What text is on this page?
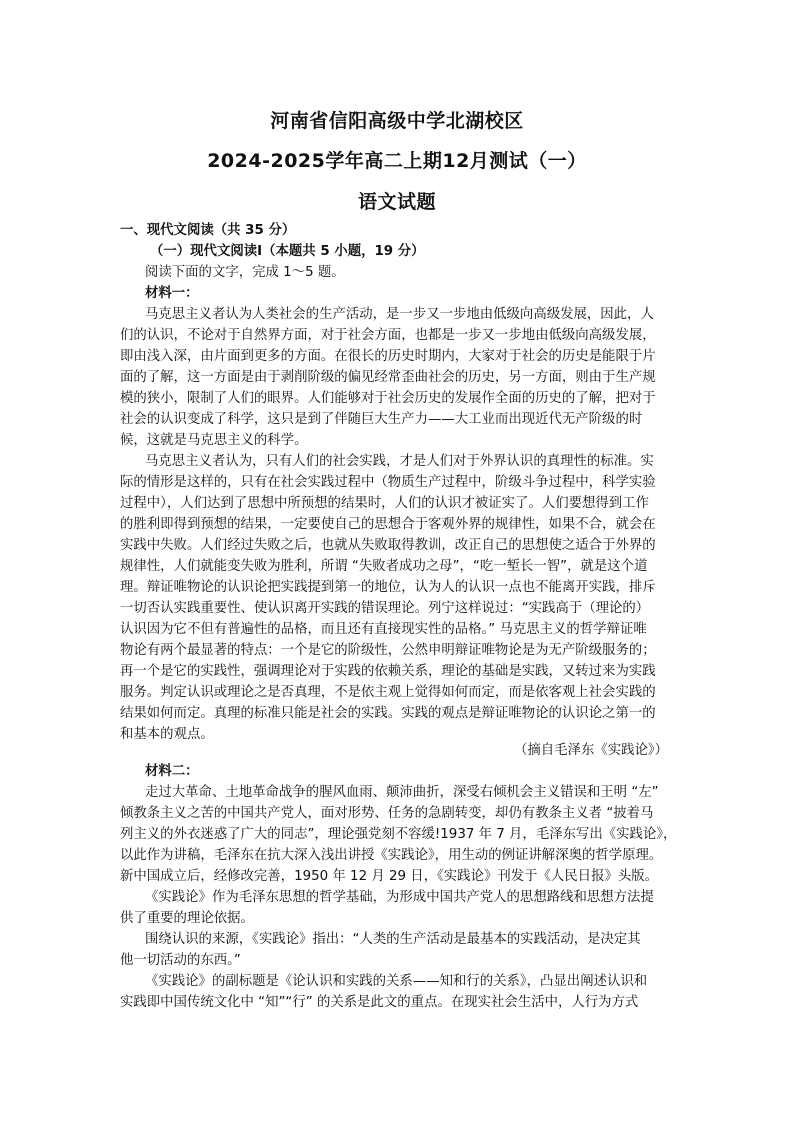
河南省信阳高级中学北湖校区
2024-2025学年高二上期12月测试（一）
语文试题
一、现代文阅读（共 35 分）
（一）现代文阅读Ⅰ（本题共 5 小题，19 分）
阅读下面的文字，完成 1～5 题。
材料一：
马克思主义者认为人类社会的生产活动，是一步又一步地由低级向高级发展，因此，人
们的认识，不论对于自然界方面，对于社会方面，也都是一步又一步地由低级向高级发展，
即由浅入深，由片面到更多的方面。在很长的历史时期内，大家对于社会的历史是能限于片
面的了解，这一方面是由于剥削阶级的偏见经常歪曲社会的历史，另一方面，则由于生产规
模的狭小，限制了人们的眼界。人们能够对于社会历史的发展作全面的历史的了解，把对于
社会的认识变成了科学，这只是到了伴随巨大生产力——大工业而出现近代无产阶级的时
候，这就是马克思主义的科学。
马克思主义者认为，只有人们的社会实践，才是人们对于外界认识的真理性的标准。实
际的情形是这样的，只有在社会实践过程中（物质生产过程中，阶级斗争过程中，科学实验
过程中），人们达到了思想中所预想的结果时，人们的认识才被证实了。人们要想得到工作
的胜利即得到预想的结果，一定要使自己的思想合于客观外界的规律性，如果不合，就会在
实践中失败。人们经过失败之后，也就从失败取得教训，改正自己的思想使之适合于外界的
规律性，人们就能变失败为胜利，所谓 “失败者成功之母”，“吃一堑长一智”，就是这个道
理。辩证唯物论的认识论把实践提到第一的地位，认为人的认识一点也不能离开实践，排斥
一切否认实践重要性、使认识离开实践的错误理论。列宁这样说过：“实践高于（理论的）
认识因为它不但有普遍性的品格，而且还有直接现实性的品格。” 马克思主义的哲学辩证唯
物论有两个最显著的特点：一个是它的阶级性，公然申明辩证唯物论是为无产阶级服务的；
再一个是它的实践性，强调理论对于实践的依赖关系，理论的基础是实践，又转过来为实践
服务。判定认识或理论之是否真理，不是依主观上觉得如何而定，而是依客观上社会实践的
结果如何而定。真理的标准只能是社会的实践。实践的观点是辩证唯物论的认识论之第一的
和基本的观点。
（摘自毛泽东《实践论》）
材料二：
走过大革命、土地革命战争的腥风血雨、颠沛曲折，深受右倾机会主义错误和王明 “左”
倾教条主义之苦的中国共产党人，面对形势、任务的急剧转变，却仍有教条主义者 “披着马
列主义的外衣迷惑了广大的同志”，理论强党刻不容缓!1937 年 7 月，毛泽东写出《实践论》，
以此作为讲稿，毛泽东在抗大深入浅出讲授《实践论》，用生动的例证讲解深奥的哲学原理。
新中国成立后，经修改完善，1950 年 12 月 29 日，《实践论》刊发于《人民日报》头版。
《实践论》作为毛泽东思想的哲学基础，为形成中国共产党人的思想路线和思想方法提
供了重要的理论依据。
围绕认识的来源，《实践论》指出：“人类的生产活动是最基本的实践活动，是决定其
他一切活动的东西。”
《实践论》的副标题是《论认识和实践的关系——知和行的关系》，凸显出阐述认识和
实践即中国传统文化中 “知”“行” 的关系是此文的重点。在现实社会生活中，人行为方式
